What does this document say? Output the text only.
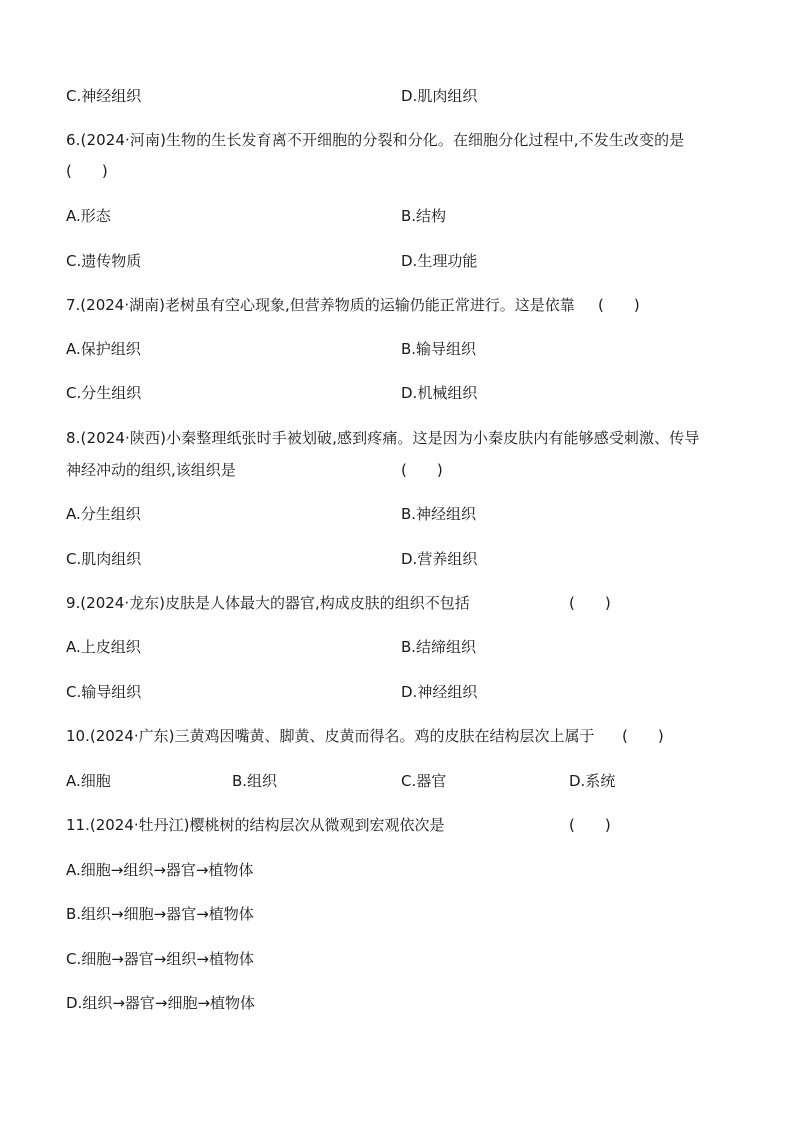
C.神经组织	D.肌肉组织
6.(2024·河南)生物的生长发育离不开细胞的分裂和分化。在细胞分化过程中,不发生改变的是
(　　)
A.形态	B.结构
C.遗传物质	D.生理功能
7.(2024·湖南)老树虽有空心现象,但营养物质的运输仍能正常进行。这是依靠 (　　)
A.保护组织	B.输导组织
C.分生组织	D.机械组织
8.(2024·陕西)小秦整理纸张时手被划破,感到疼痛。这是因为小秦皮肤内有能够感受刺激、传导
神经冲动的组织,该组织是	(　　)
A.分生组织	B.神经组织
C.肌肉组织	D.营养组织
9.(2024·龙东)皮肤是人体最大的器官,构成皮肤的组织不包括	(　　)
A.上皮组织	B.结缔组织
C.输导组织	D.神经组织
10.(2024·广东)三黄鸡因嘴黄、脚黄、皮黄而得名。鸡的皮肤在结构层次上属于 (　　)
A.细胞	B.组织	C.器官	D.系统
11.(2024·牡丹江)樱桃树的结构层次从微观到宏观依次是	(　　)
A.细胞→组织→器官→植物体
B.组织→细胞→器官→植物体
C.细胞→器官→组织→植物体
D.组织→器官→细胞→植物体
